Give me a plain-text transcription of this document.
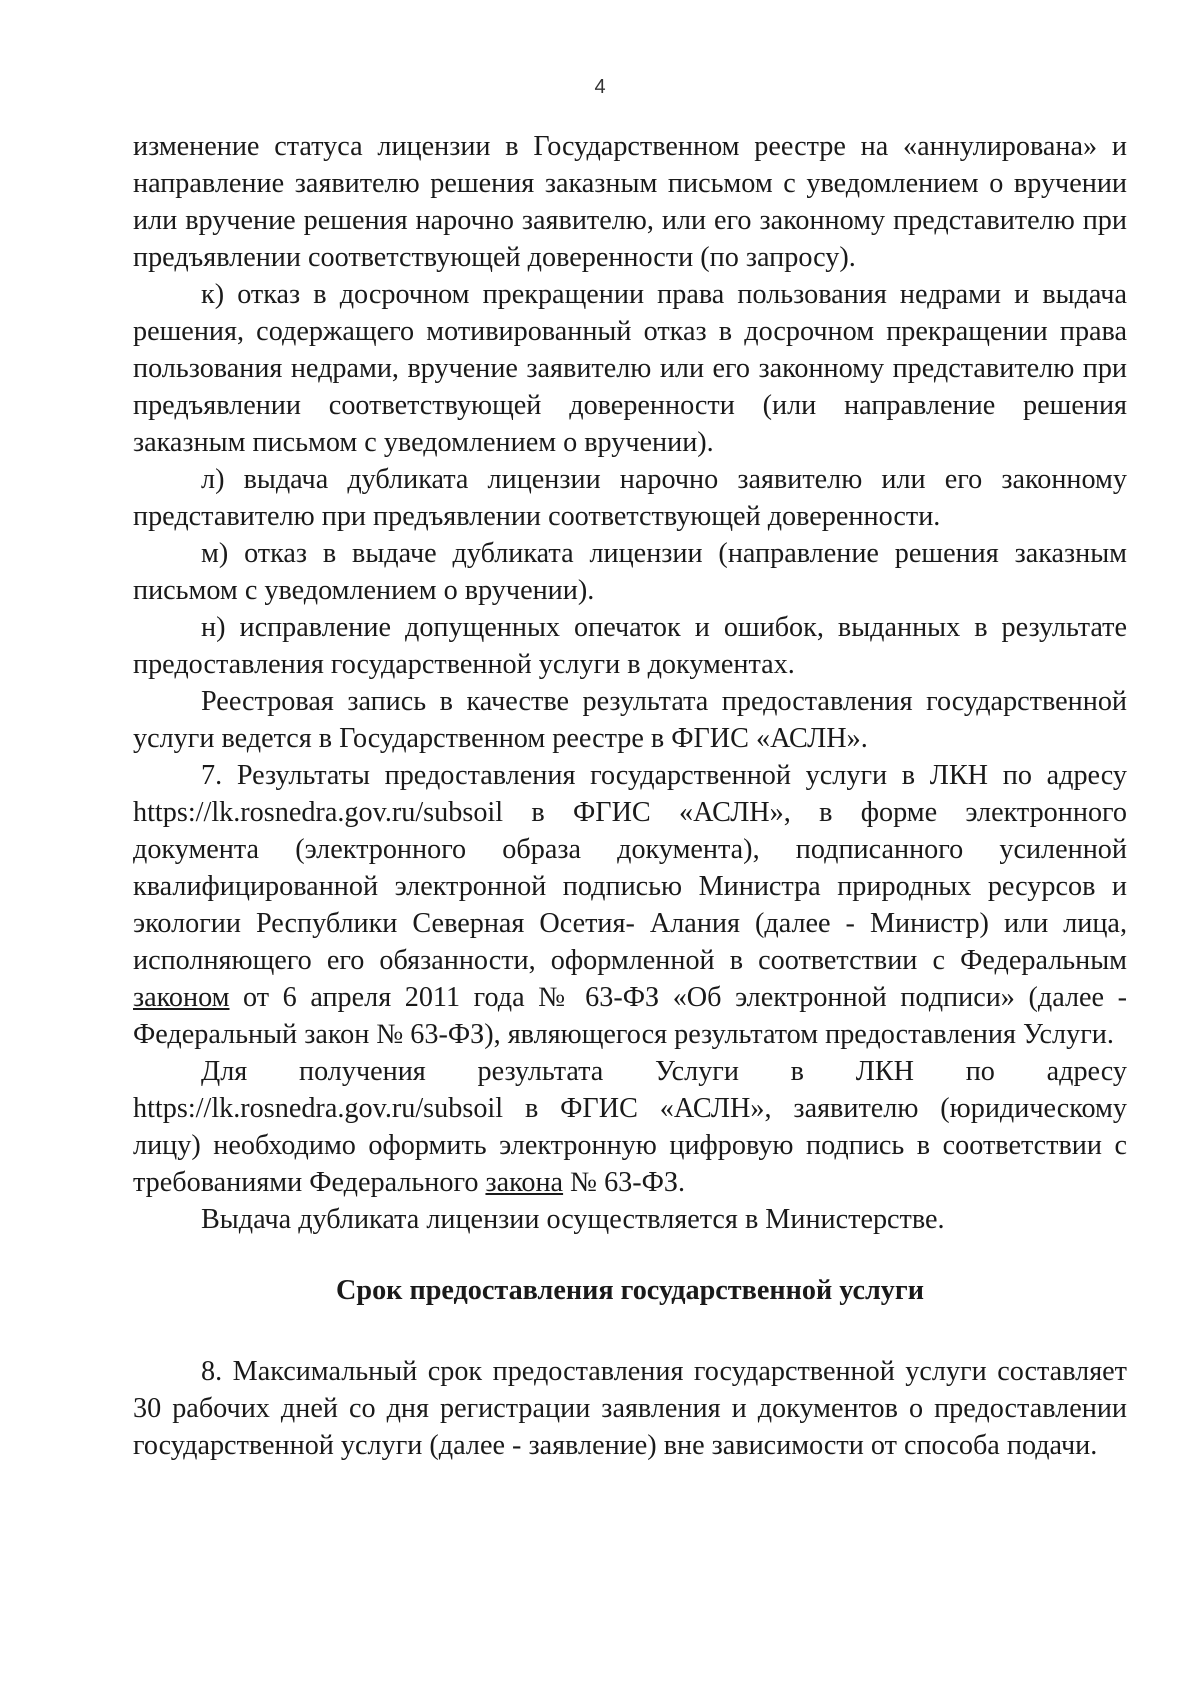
4

изменение статуса лицензии в Государственном реестре на «аннулирована» и направление заявителю решения заказным письмом с уведомлением о вручении или вручение решения нарочно заявителю, или его законному представителю при предъявлении соответствующей доверенности (по запросу).

к) отказ в досрочном прекращении права пользования недрами и выдача решения, содержащего мотивированный отказ в досрочном прекращении права пользования недрами, вручение заявителю или его законному представителю при предъявлении соответствующей доверенности (или направление решения заказным письмом с уведомлением о вручении).

л) выдача дубликата лицензии нарочно заявителю или его законному представителю при предъявлении соответствующей доверенности.

м) отказ в выдаче дубликата лицензии (направление решения заказным письмом с уведомлением о вручении).

н) исправление допущенных опечаток и ошибок, выданных в результате предоставления государственной услуги в документах.

Реестровая запись в качестве результата предоставления государственной услуги ведется в Государственном реестре в ФГИС «АСЛН».

7. Результаты предоставления государственной услуги в ЛКН по адресу https://lk.rosnedra.gov.ru/subsoil в ФГИС «АСЛН», в форме электронного документа (электронного образа документа), подписанного усиленной квалифицированной электронной подписью Министра природных ресурсов и экологии Республики Северная Осетия- Алания (далее - Министр) или лица, исполняющего его обязанности, оформленной в соответствии с Федеральным законом от 6 апреля 2011 года № 63-ФЗ «Об электронной подписи» (далее - Федеральный закон № 63-ФЗ), являющегося результатом предоставления Услуги.

Для получения результата Услуги в ЛКН по адресу https://lk.rosnedra.gov.ru/subsoil в ФГИС «АСЛН», заявителю (юридическому лицу) необходимо оформить электронную цифровую подпись в соответствии с требованиями Федерального закона № 63-ФЗ.

Выдача дубликата лицензии осуществляется в Министерстве.

Срок предоставления государственной услуги

8. Максимальный срок предоставления государственной услуги составляет 30 рабочих дней со дня регистрации заявления и документов о предоставлении государственной услуги (далее - заявление) вне зависимости от способа подачи.
